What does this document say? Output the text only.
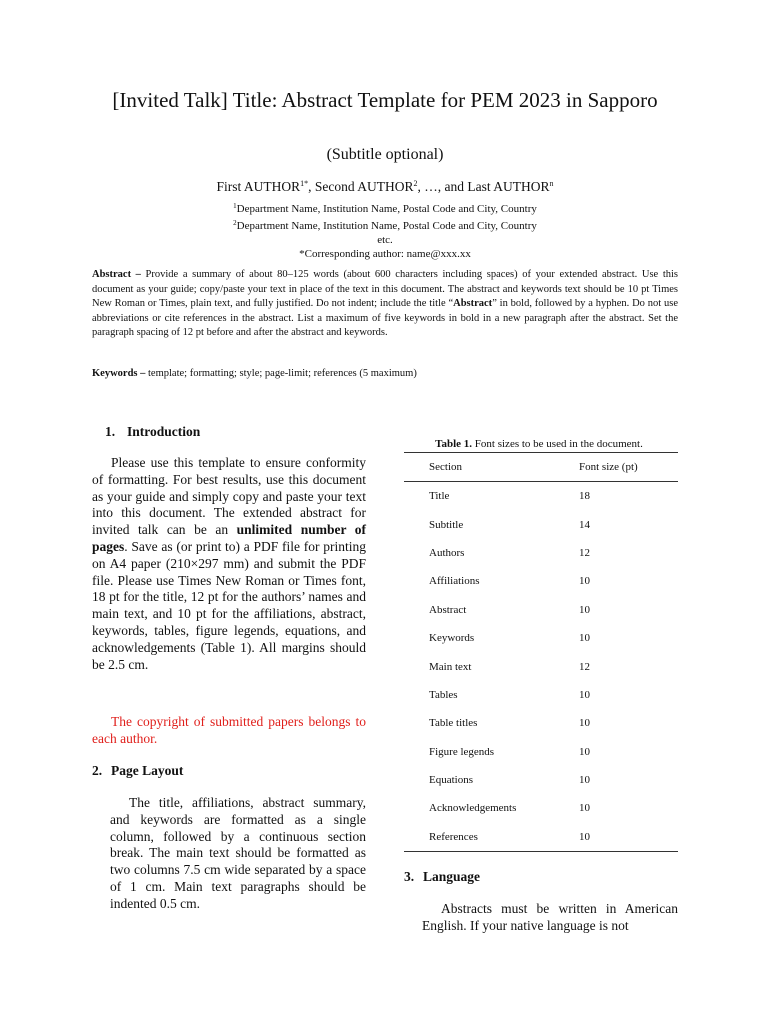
[Invited Talk] Title: Abstract Template for PEM 2023 in Sapporo

(Subtitle optional)

First $AUTHOR^{1*}$, Second AUTHOR$^2$, …, and Last AUTHOR$^n$
$^1$Department Name, Institution Name, Postal Code and City, Country
$^2$Department Name, Institution Name, Postal Code and City, Country
etc.
*Corresponding author: name@xxx.xx

Abstract – Provide a summary of about 80–125 words (about 600 characters including spaces) of your extended abstract. Use this document as your guide; copy/paste your text in place of the text in this document. The abstract and keywords text should be 10 pt Times New Roman or Times, plain text, and fully justified. Do not indent; include the title “Abstract” in bold, followed by a hyphen. Do not use abbreviations or cite references in the abstract. List a maximum of five keywords in bold in a new paragraph after the abstract. Set the paragraph spacing of 12 pt before and after the abstract and keywords.

Keywords – template; formatting; style; page-limit; references (5 maximum)

1. Introduction

Please use this template to ensure conformity of formatting. For best results, use this document as your guide and simply copy and paste your text into this document. The extended abstract for invited talk can be an unlimited number of pages. Save as (or print to) a PDF file for printing on A4 paper (210×297 mm) and submit the PDF file. Please use Times New Roman or Times font, 18 pt for the title, 12 pt for the authors’ names and main text, and 10 pt for the affiliations, abstract, keywords, tables, figure legends, equations, and acknowledgements (Table 1). All margins should be 2.5 cm.

The copyright of submitted papers belongs to each author.

2. Page Layout

The title, affiliations, abstract summary, and keywords are formatted as a single column, followed by a continuous section break. The main text should be formatted as two columns 7.5 cm wide separated by a space of 1 cm. Main text paragraphs should be indented 0.5 cm.

Table 1. Font sizes to be used in the document.

Section	Font size (pt)
Title	18
Subtitle	14
Authors	12
Affiliations	10
Abstract	10
Keywords	10
Main text	12
Tables	10
Table titles	10
Figure legends	10
Equations	10
Acknowledgements	10
References	10
3. Language

Abstracts must be written in American English. If your native language is not
